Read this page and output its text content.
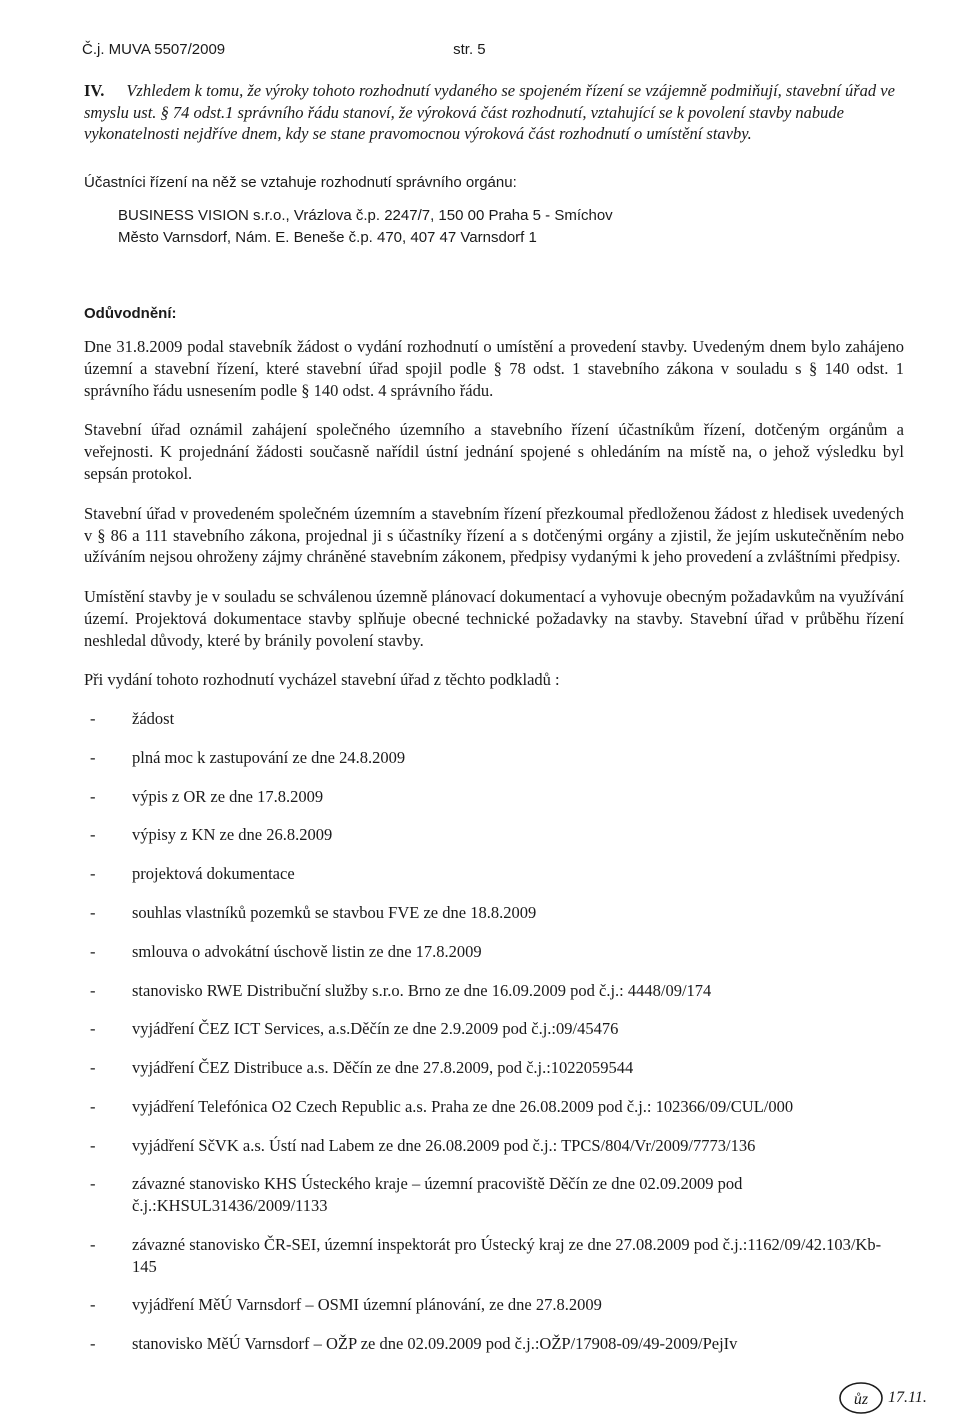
Č.j. MUVA 5507/2009	str. 5
IV. Vzhledem k tomu, že výroky tohoto rozhodnutí vydaného se spojeném řízení se vzájemně podmiňují, stavební úřad ve smyslu ust. § 74 odst.1 správního řádu stanoví, že výroková část rozhodnutí, vztahující se k povolení stavby nabude vykonatelnosti nejdříve dnem, kdy se stane pravomocnou výroková část rozhodnutí o umístění stavby.
Účastníci řízení na něž se vztahuje rozhodnutí správního orgánu:
BUSINESS VISION s.r.o., Vrázlova č.p. 2247/7, 150 00 Praha 5 - Smíchov
Město Varnsdorf, Nám. E. Beneše č.p. 470, 407 47 Varnsdorf 1
Odůvodnění:

Dne 31.8.2009 podal stavebník žádost o vydání rozhodnutí o umístění a provedení stavby. Uvedeným dnem bylo zahájeno územní a stavební řízení, které stavební úřad spojil podle § 78 odst. 1 stavebního zákona v souladu s § 140 odst. 1 správního řádu usnesením podle § 140 odst. 4 správního řádu.

Stavební úřad oznámil zahájení společného územního a stavebního řízení účastníkům řízení, dotčeným orgánům a veřejnosti. K projednání žádosti současně nařídil ústní jednání spojené s ohledáním na místě na, o jehož výsledku byl sepsán protokol.

Stavební úřad v provedeném společném územním a stavebním řízení přezkoumal předloženou žádost z hledisek uvedených v § 86 a 111 stavebního zákona, projednal ji s účastníky řízení a s dotčenými orgány a zjistil, že jejím uskutečněním nebo užíváním nejsou ohroženy zájmy chráněné stavebním zákonem, předpisy vydanými k jeho provedení a zvláštními předpisy.

Umístění stavby je v souladu se schválenou územně plánovací dokumentací a vyhovuje obecným požadavkům na využívání území. Projektová dokumentace stavby splňuje obecné technické požadavky na stavby. Stavební úřad v průběhu řízení neshledal důvody, které by bránily povolení stavby.

Při vydání tohoto rozhodnutí vycházel stavební úřad z těchto podkladů :

-	žádost
-	plná moc k zastupování ze dne 24.8.2009
-	výpis z OR ze dne 17.8.2009
-	výpisy z KN ze dne 26.8.2009
-	projektová dokumentace
-	souhlas vlastníků pozemků se stavbou FVE ze dne 18.8.2009
-	smlouva o advokátní úschově listin ze dne 17.8.2009
-	stanovisko RWE Distribuční služby s.r.o. Brno ze dne 16.09.2009 pod č.j.: 4448/09/174
-	vyjádření ČEZ ICT Services, a.s.Děčín ze dne 2.9.2009 pod č.j.:09/45476
-	vyjádření ČEZ Distribuce a.s. Děčín ze dne 27.8.2009, pod č.j.:1022059544
-	vyjádření Telefónica O2 Czech Republic a.s. Praha ze dne 26.08.2009 pod č.j.: 102366/09/CUL/000
-	vyjádření SčVK a.s. Ústí nad Labem ze dne 26.08.2009 pod č.j.: TPCS/804/Vr/2009/7773/136
-	závazné stanovisko KHS Ústeckého kraje – územní pracoviště Děčín ze dne 02.09.2009 pod č.j.:KHSUL31436/2009/1133
-	závazné stanovisko ČR-SEI, územní inspektorát pro Ústecký kraj ze dne 27.08.2009 pod č.j.:1162/09/42.103/Kb-145
-	vyjádření MěÚ Varnsdorf – OSMI územní plánování, ze dne 27.8.2009
-	stanovisko MěÚ Varnsdorf – OŽP ze dne 02.09.2009 pod č.j.:OŽP/17908-09/49-2009/PejIv
ůz 17.11.
